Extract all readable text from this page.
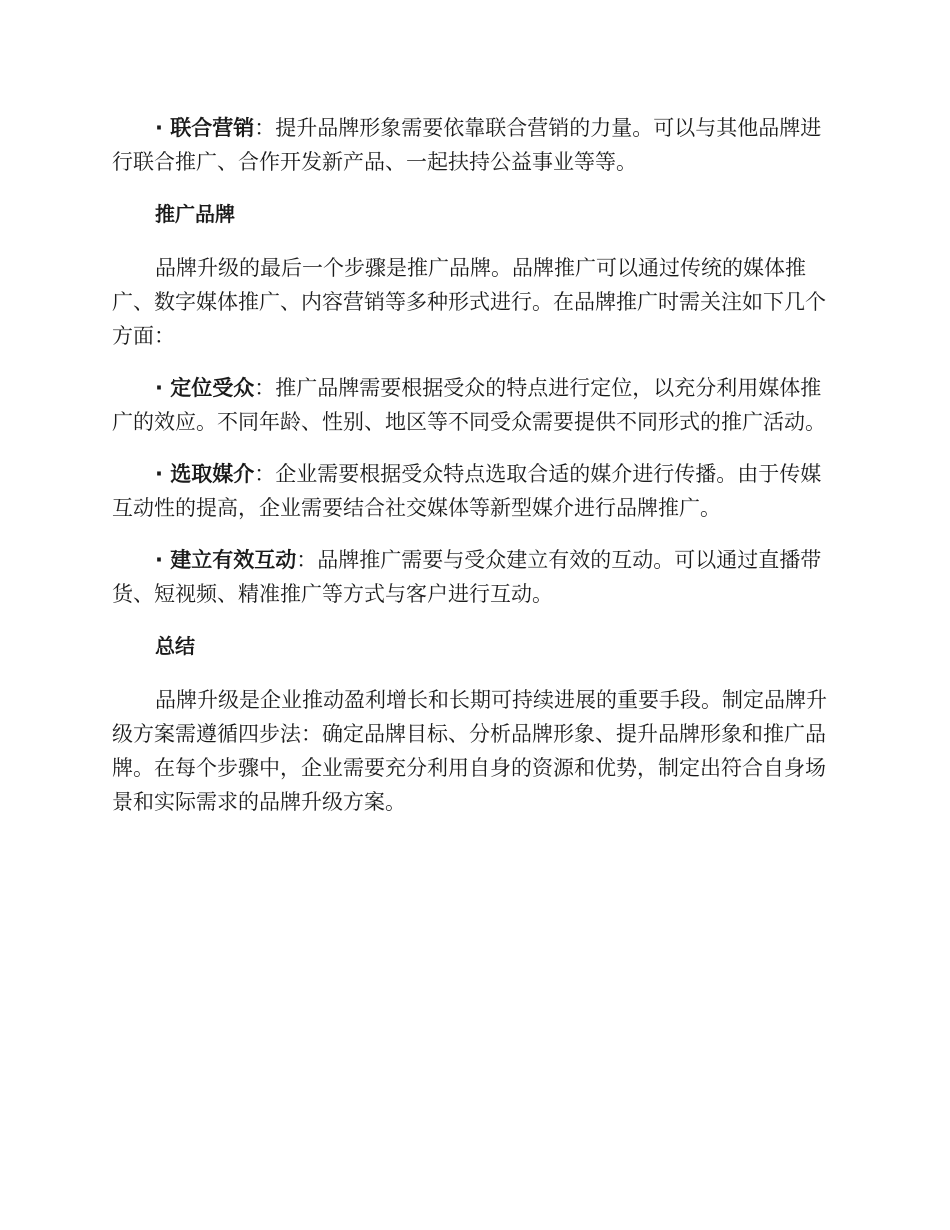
· 联合营销：提升品牌形象需要依靠联合营销的力量。可以与其他品牌进行联合推广、合作开发新产品、一起扶持公益事业等等。

推广品牌

品牌升级的最后一个步骤是推广品牌。品牌推广可以通过传统的媒体推广、数字媒体推广、内容营销等多种形式进行。在品牌推广时需关注如下几个方面：

· 定位受众：推广品牌需要根据受众的特点进行定位，以充分利用媒体推广的效应。不同年龄、性别、地区等不同受众需要提供不同形式的推广活动。

· 选取媒介：企业需要根据受众特点选取合适的媒介进行传播。由于传媒互动性的提高，企业需要结合社交媒体等新型媒介进行品牌推广。

· 建立有效互动：品牌推广需要与受众建立有效的互动。可以通过直播带货、短视频、精准推广等方式与客户进行互动。

总结

品牌升级是企业推动盈利增长和长期可持续进展的重要手段。制定品牌升级方案需遵循四步法：确定品牌目标、分析品牌形象、提升品牌形象和推广品牌。在每个步骤中，企业需要充分利用自身的资源和优势，制定出符合自身场景和实际需求的品牌升级方案。
